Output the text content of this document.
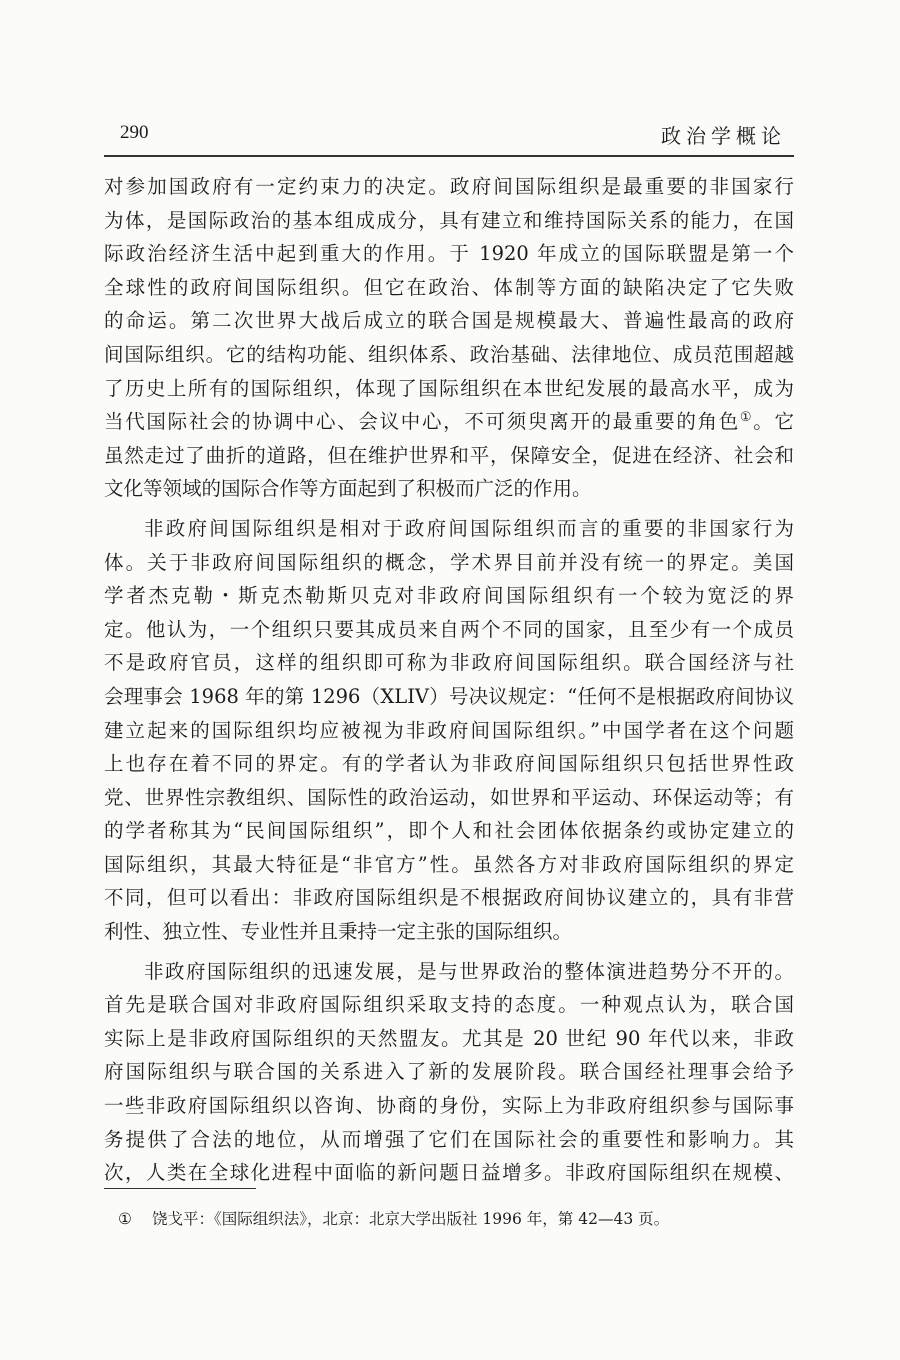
290	政治学概论
对参加国政府有一定约束力的决定。政府间国际组织是最重要的非国家行
为体，是国际政治的基本组成成分，具有建立和维持国际关系的能力，在国
际政治经济生活中起到重大的作用。于 1920 年成立的国际联盟是第一个
全球性的政府间国际组织。但它在政治、体制等方面的缺陷决定了它失败
的命运。第二次世界大战后成立的联合国是规模最大、普遍性最高的政府
间国际组织。它的结构功能、组织体系、政治基础、法律地位、成员范围超越
了历史上所有的国际组织，体现了国际组织在本世纪发展的最高水平，成为
当代国际社会的协调中心、会议中心，不可须臾离开的最重要的角色①。它
虽然走过了曲折的道路，但在维护世界和平，保障安全，促进在经济、社会和
文化等领域的国际合作等方面起到了积极而广泛的作用。
非政府间国际组织是相对于政府间国际组织而言的重要的非国家行为
体。关于非政府间国际组织的概念，学术界目前并没有统一的界定。美国
学者杰克勒・斯克杰勒斯贝克对非政府间国际组织有一个较为宽泛的界
定。他认为，一个组织只要其成员来自两个不同的国家，且至少有一个成员
不是政府官员，这样的组织即可称为非政府间国际组织。联合国经济与社
会理事会 1968 年的第 1296（XLIV）号决议规定：“任何不是根据政府间协议
建立起来的国际组织均应被视为非政府间国际组织。”中国学者在这个问题
上也存在着不同的界定。有的学者认为非政府间国际组织只包括世界性政
党、世界性宗教组织、国际性的政治运动，如世界和平运动、环保运动等；有
的学者称其为“民间国际组织”，即个人和社会团体依据条约或协定建立的
国际组织，其最大特征是“非官方”性。虽然各方对非政府国际组织的界定
不同，但可以看出：非政府国际组织是不根据政府间协议建立的，具有非营
利性、独立性、专业性并且秉持一定主张的国际组织。
非政府国际组织的迅速发展，是与世界政治的整体演进趋势分不开的。
首先是联合国对非政府国际组织采取支持的态度。一种观点认为，联合国
实际上是非政府国际组织的天然盟友。尤其是 20 世纪 90 年代以来，非政
府国际组织与联合国的关系进入了新的发展阶段。联合国经社理事会给予
一些非政府国际组织以咨询、协商的身份，实际上为非政府组织参与国际事
务提供了合法的地位，从而增强了它们在国际社会的重要性和影响力。其
次，人类在全球化进程中面临的新问题日益增多。非政府国际组织在规模、
① 饶戈平：《国际组织法》，北京：北京大学出版社 1996 年，第 42—43 页。
